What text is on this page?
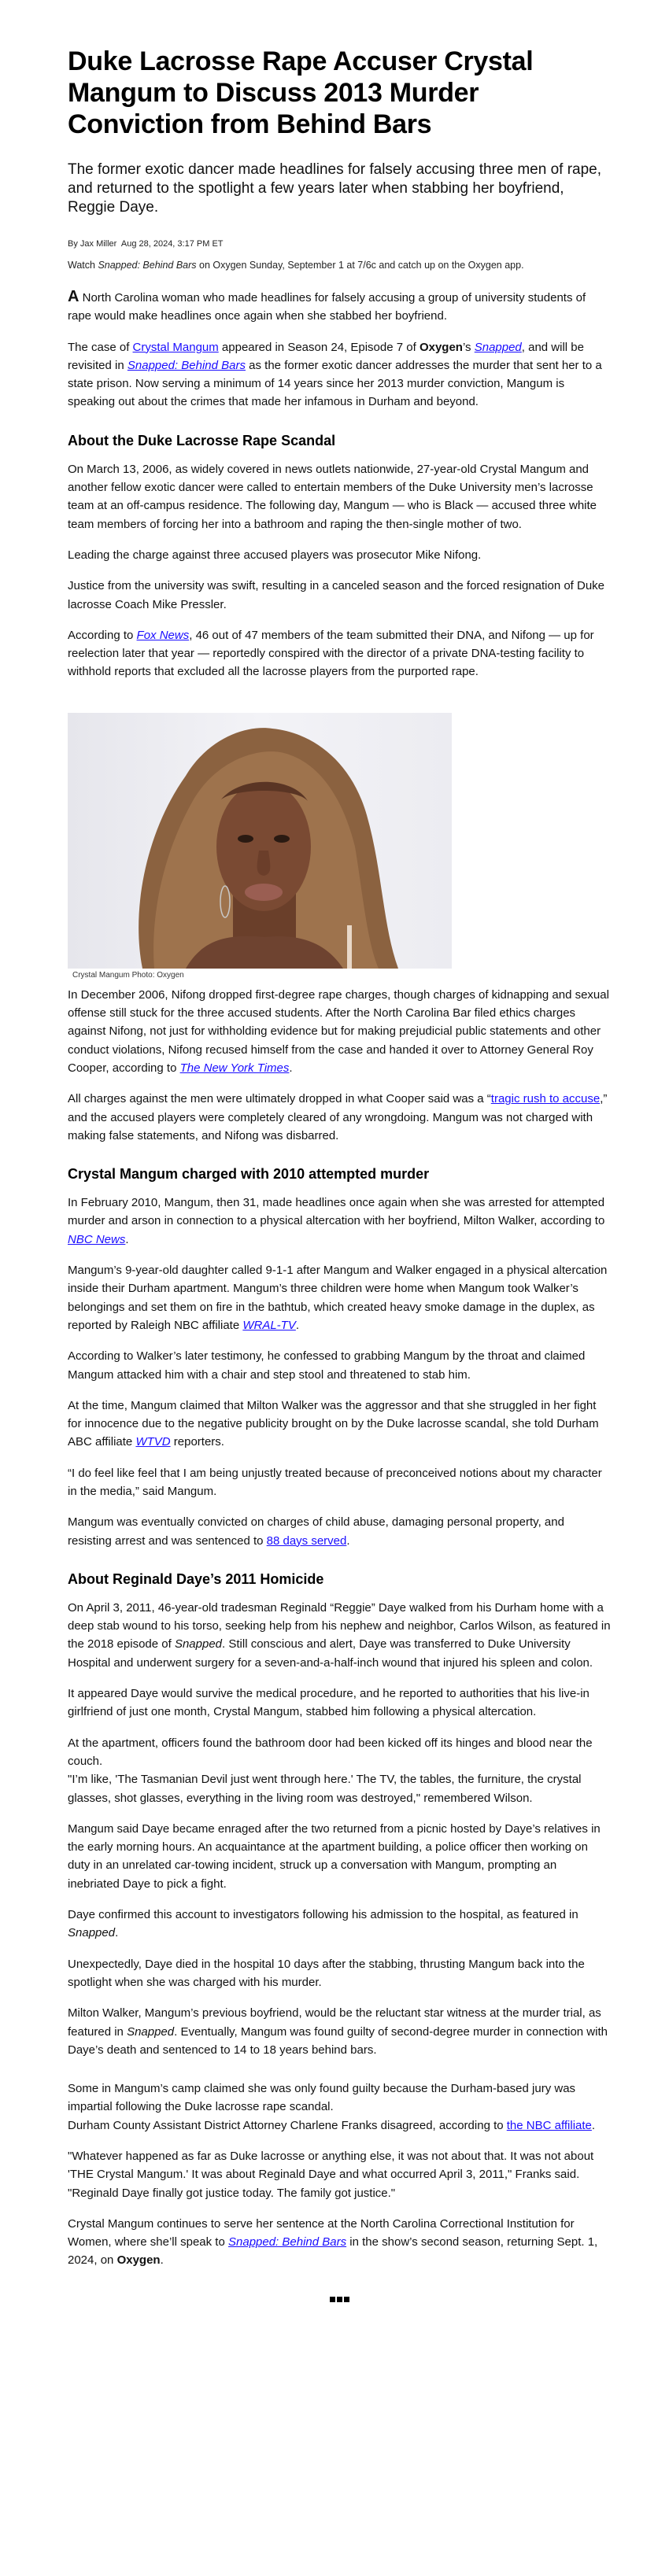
Duke Lacrosse Rape Accuser Crystal Mangum to Discuss 2013 Murder Conviction from Behind Bars

The former exotic dancer made headlines for falsely accusing three men of rape, and returned to the spotlight a few years later when stabbing her boyfriend, Reggie Daye.

By Jax Miller Aug 28, 2024, 3:17 PM ET
Watch Snapped: Behind Bars on Oxygen Sunday, September 1 at 7/6c and catch up on the Oxygen app.

A North Carolina woman who made headlines for falsely accusing a group of university students of rape would make headlines once again when she stabbed her boyfriend.

The case of Crystal Mangum appeared in Season 24, Episode 7 of Oxygen’s Snapped, and will be revisited in Snapped: Behind Bars as the former exotic dancer addresses the murder that sent her to a state prison. Now serving a minimum of 14 years since her 2013 murder conviction, Mangum is speaking out about the crimes that made her infamous in Durham and beyond.

About the Duke Lacrosse Rape Scandal

On March 13, 2006, as widely covered in news outlets nationwide, 27-year-old Crystal Mangum and another fellow exotic dancer were called to entertain members of the Duke University men’s lacrosse team at an off-campus residence. The following day, Mangum — who is Black — accused three white team members of forcing her into a bathroom and raping the then-single mother of two.

Leading the charge against three accused players was prosecutor Mike Nifong.

Justice from the university was swift, resulting in a canceled season and the forced resignation of Duke lacrosse Coach Mike Pressler.

According to Fox News, 46 out of 47 members of the team submitted their DNA, and Nifong — up for reelection later that year — reportedly conspired with the director of a private DNA-testing facility to withhold reports that excluded all the lacrosse players from the purported rape.

Crystal Mangum Photo: Oxygen

In December 2006, Nifong dropped first-degree rape charges, though charges of kidnapping and sexual offense still stuck for the three accused students. After the North Carolina Bar filed ethics charges against Nifong, not just for withholding evidence but for making prejudicial public statements and other conduct violations, Nifong recused himself from the case and handed it over to Attorney General Roy Cooper, according to The New York Times.

All charges against the men were ultimately dropped in what Cooper said was a “tragic rush to accuse,” and the accused players were completely cleared of any wrongdoing. Mangum was not charged with making false statements, and Nifong was disbarred.

Crystal Mangum charged with 2010 attempted murder

In February 2010, Mangum, then 31, made headlines once again when she was arrested for attempted murder and arson in connection to a physical altercation with her boyfriend, Milton Walker, according to NBC News.

Mangum’s 9-year-old daughter called 9-1-1 after Mangum and Walker engaged in a physical altercation inside their Durham apartment. Mangum’s three children were home when Mangum took Walker’s belongings and set them on fire in the bathtub, which created heavy smoke damage in the duplex, as reported by Raleigh NBC affiliate WRAL-TV.

According to Walker’s later testimony, he confessed to grabbing Mangum by the throat and claimed Mangum attacked him with a chair and step stool and threatened to stab him.

At the time, Mangum claimed that Milton Walker was the aggressor and that she struggled in her fight for innocence due to the negative publicity brought on by the Duke lacrosse scandal, she told Durham ABC affiliate WTVD reporters.

“I do feel like feel that I am being unjustly treated because of preconceived notions about my character in the media,” said Mangum.

Mangum was eventually convicted on charges of child abuse, damaging personal property, and resisting arrest and was sentenced to 88 days served.

About Reginald Daye’s 2011 Homicide

On April 3, 2011, 46-year-old tradesman Reginald “Reggie” Daye walked from his Durham home with a deep stab wound to his torso, seeking help from his nephew and neighbor, Carlos Wilson, as featured in the 2018 episode of Snapped. Still conscious and alert, Daye was transferred to Duke University Hospital and underwent surgery for a seven-and-a-half-inch wound that injured his spleen and colon.

It appeared Daye would survive the medical procedure, and he reported to authorities that his live-in girlfriend of just one month, Crystal Mangum, stabbed him following a physical altercation.

At the apartment, officers found the bathroom door had been kicked off its hinges and blood near the couch.

"I’m like, 'The Tasmanian Devil just went through here.' The TV, the tables, the furniture, the crystal glasses, shot glasses, everything in the living room was destroyed," remembered Wilson.

Mangum said Daye became enraged after the two returned from a picnic hosted by Daye’s relatives in the early morning hours. An acquaintance at the apartment building, a police officer then working on duty in an unrelated car-towing incident, struck up a conversation with Mangum, prompting an inebriated Daye to pick a fight.

Daye confirmed this account to investigators following his admission to the hospital, as featured in Snapped.

Unexpectedly, Daye died in the hospital 10 days after the stabbing, thrusting Mangum back into the spotlight when she was charged with his murder.

Milton Walker, Mangum’s previous boyfriend, would be the reluctant star witness at the murder trial, as featured in Snapped. Eventually, Mangum was found guilty of second-degree murder in connection with Daye’s death and sentenced to 14 to 18 years behind bars.

Some in Mangum’s camp claimed she was only found guilty because the Durham-based jury was impartial following the Duke lacrosse rape scandal.

Durham County Assistant District Attorney Charlene Franks disagreed, according to the NBC affiliate.

"Whatever happened as far as Duke lacrosse or anything else, it was not about that. It was not about 'THE Crystal Mangum.' It was about Reginald Daye and what occurred April 3, 2011," Franks said. "Reginald Daye finally got justice today. The family got justice."

Crystal Mangum continues to serve her sentence at the North Carolina Correctional Institution for Women, where she’ll speak to Snapped: Behind Bars in the show’s second season, returning Sept. 1, 2024, on Oxygen.
